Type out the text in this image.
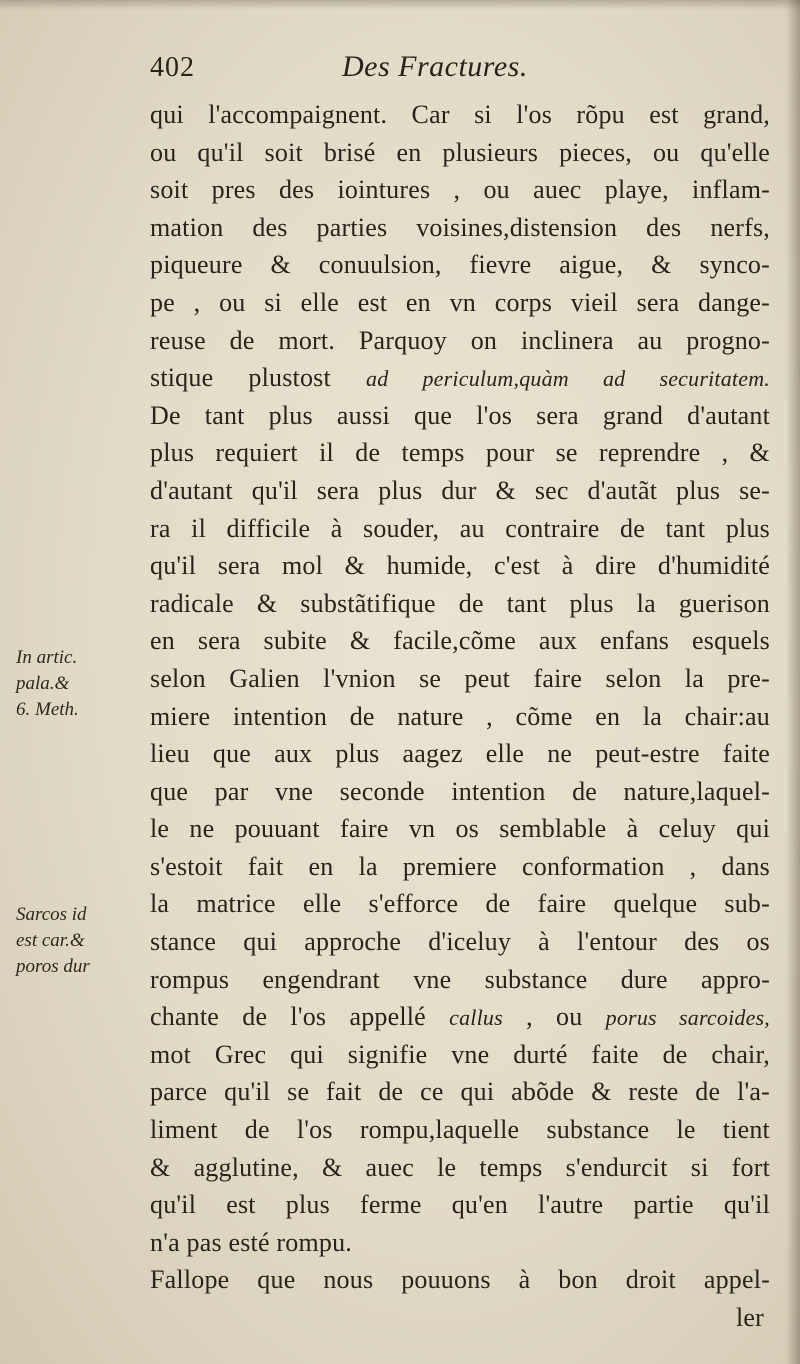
402	Des Fractures.
qui l'accompaignent. Car si l'os rõpu est grand,
ou qu'il soit brisé en plusieurs pieces, ou qu'elle
soit pres des iointures , ou auec playe, inflam-
mation des parties voisines,distension des nerfs,
piqueure & conuulsion, fievre aigue, & synco-
pe , ou si elle est en vn corps vieil sera dange-
reuse de mort. Parquoy on inclinera au progno-
stique plustost ad periculum,quàm ad securitatem.
De tant plus aussi que l'os sera grand d'autant
plus requiert il de temps pour se reprendre , &
d'autant qu'il sera plus dur & sec d'autãt plus se-
ra il difficile à souder, au contraire de tant plus
qu'il sera mol & humide, c'est à dire d'humidité
radicale & substãtifique de tant plus la guerison
en sera subite & facile,cõme aux enfans esquels
selon Galien l'vnion se peut faire selon la pre-
miere intention de nature , cõme en la chair:au
lieu que aux plus aagez elle ne peut-estre faite
que par vne seconde intention de nature,laquel-
le ne pouuant faire vn os semblable à celuy qui
s'estoit fait en la premiere conformation , dans
la matrice elle s'efforce de faire quelque sub-
stance qui approche d'iceluy à l'entour des os
rompus engendrant vne substance dure appro-
chante de l'os appellé callus , ou porus sarcoides,
mot Grec qui signifie vne durté faite de chair,
parce qu'il se fait de ce qui abõde & reste de l'a-
liment de l'os rompu,laquelle substance le tient
& agglutine, & auec le temps s'endurcit si fort
qu'il est plus ferme qu'en l'autre partie qu'il
n'a pas esté rompu.
Fallope que nous pouuons à bon droit appel-
ler
In artic.
pala.&
6. Meth.
Sarcos id
est car.&
poros dur
